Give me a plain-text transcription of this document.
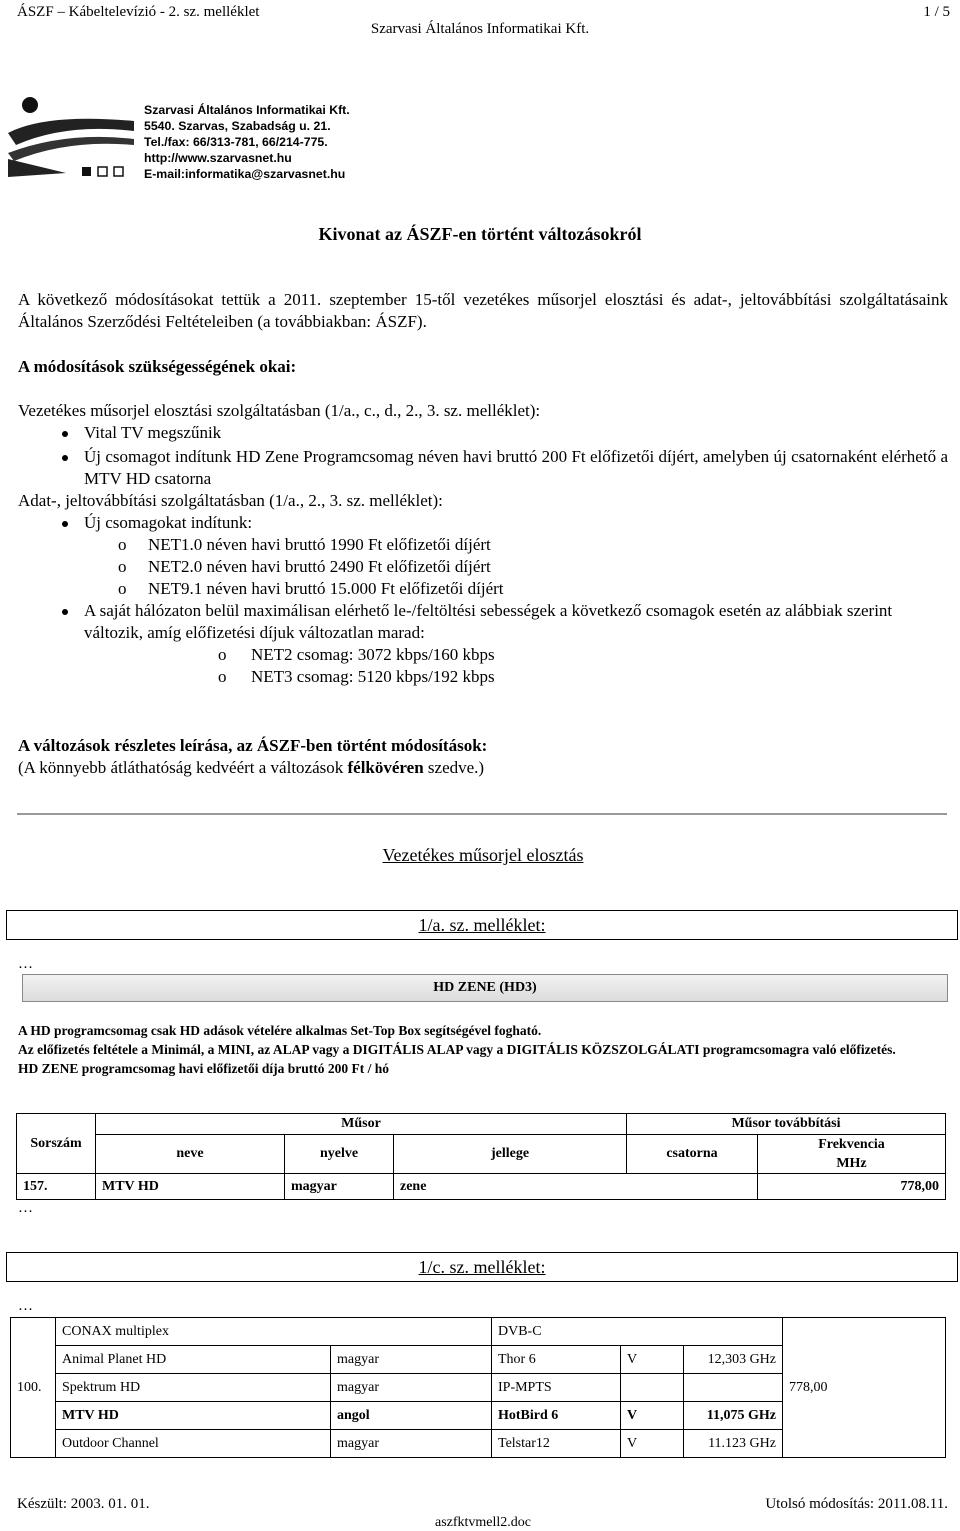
ÁSZF – Kábeltelevízió - 2. sz. melléklet	1 / 5
Szarvasi Általános Informatikai Kft.
Szarvasi Általános Informatikai Kft.
5540. Szarvas, Szabadság u. 21.
Tel./fax: 66/313-781, 66/214-775.
http://www.szarvasnet.hu
E-mail:informatika@szarvasnet.hu
Kivonat az ÁSZF-en történt változásokról
A következő módosításokat tettük a 2011. szeptember 15-től vezetékes műsorjel elosztási és adat-, jeltovábbítási szolgáltatásaink Általános Szerződési Feltételeiben (a továbbiakban: ÁSZF).
A módosítások szükségességének okai:
Vezetékes műsorjel elosztási szolgáltatásban (1/a., c., d., 2., 3. sz. melléklet):
Vital TV megszűnik
Új csomagot indítunk HD Zene Programcsomag néven havi bruttó 200 Ft előfizetői díjért, amelyben új csatornaként elérhető a MTV HD csatorna
Adat-, jeltovábbítási szolgáltatásban (1/a., 2., 3. sz. melléklet):
Új csomagokat indítunk:
o NET1.0 néven havi bruttó 1990 Ft előfizetői díjért
o NET2.0 néven havi bruttó 2490 Ft előfizetői díjért
o NET9.1 néven havi bruttó 15.000 Ft előfizetői díjért
A saját hálózaton belül maximálisan elérhető le-/feltöltési sebességek a következő csomagok esetén az alábbiak szerint változik, amíg előfizetési díjuk változatlan marad:
o NET2 csomag: 3072 kbps/160 kbps
o NET3 csomag: 5120 kbps/192 kbps
A változások részletes leírása, az ÁSZF-ben történt módosítások:
(A könnyebb átláthatóság kedvéért a változások félkövéren szedve.)
Vezetékes műsorjel elosztás
1/a. sz. melléklet:
…
HD ZENE (HD3)
A HD programcsomag csak HD adások vételére alkalmas Set-Top Box segítségével fogható.
Az előfizetés feltétele a Minimál, a MINI, az ALAP vagy a DIGITÁLIS ALAP vagy a DIGITÁLIS KÖZSZOLGÁLATI programcsomagra való előfizetés.
HD ZENE programcsomag havi előfizetői díja bruttó 200 Ft / hó
Sorszám	Műsor			Műsor továbbítási	
	neve	nyelve	jellege	csatorna	Frekvencia
MHz

157.	MTV HD	magyar	zene		778,00
…
1/c. sz. melléklet:
…
100.	CONAX multiplex		DVB-C			778,00
	Animal Planet HD	magyar	Thor 6	V	12,303 GHz	
	Spektrum HD	magyar	IP-MPTS			
	MTV HD	angol	HotBird 6	V	11,075 GHz	
	Outdoor Channel	magyar	Telstar12	V	11.123 GHz	
Készült: 2003. 01. 01.	Utolsó módosítás: 2011.08.11.
aszfktvmell2.doc
